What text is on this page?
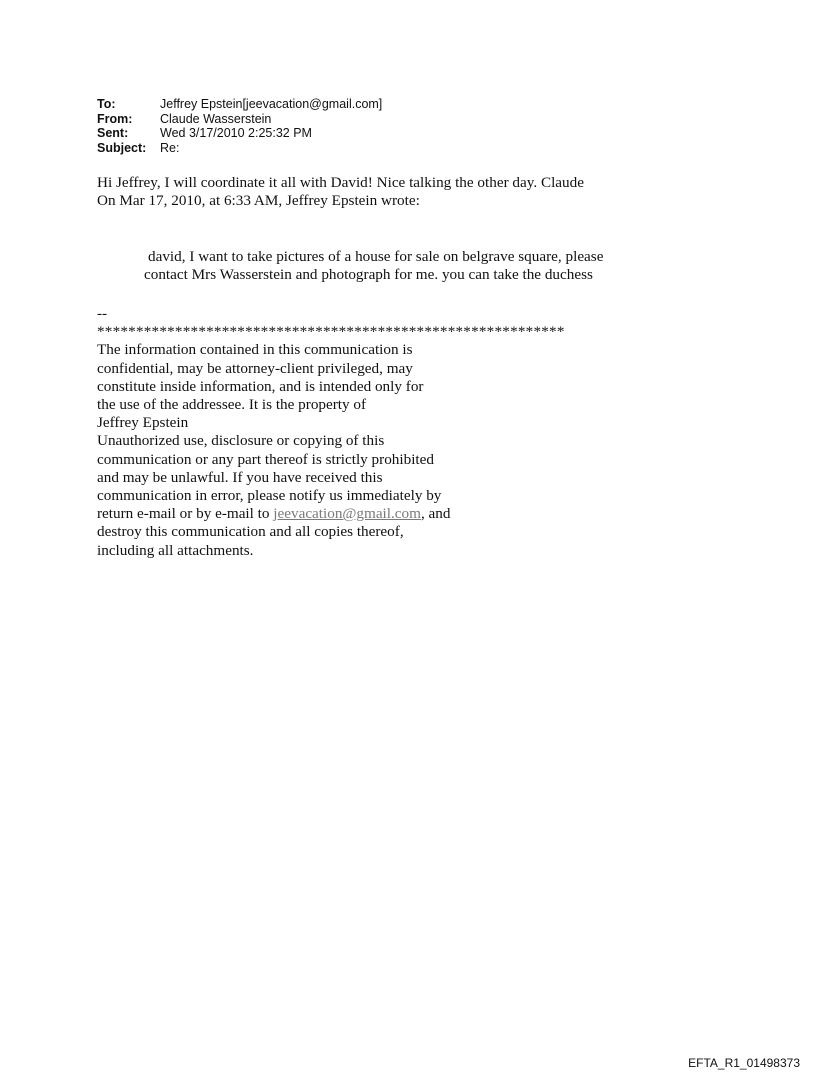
To:	Jeffrey Epstein[jeevacation@gmail.com]
From:	Claude Wasserstein
Sent:	Wed 3/17/2010 2:25:32 PM
Subject:	Re:
Hi Jeffrey, I will coordinate it all with David! Nice talking the other day. Claude
On Mar 17, 2010, at 6:33 AM, Jeffrey Epstein wrote:
david, I want to take pictures of a house for sale on belgrave square, please
contact Mrs Wasserstein and photograph for me. you can take the duchess
--
************************************************************
The information contained in this communication is
confidential, may be attorney-client privileged, may
constitute inside information, and is intended only for
the use of the addressee. It is the property of
Jeffrey Epstein
Unauthorized use, disclosure or copying of this
communication or any part thereof is strictly prohibited
and may be unlawful. If you have received this
communication in error, please notify us immediately by
return e-mail or by e-mail to jeevacation@gmail.com, and
destroy this communication and all copies thereof,
including all attachments.
EFTA_R1_01498373
